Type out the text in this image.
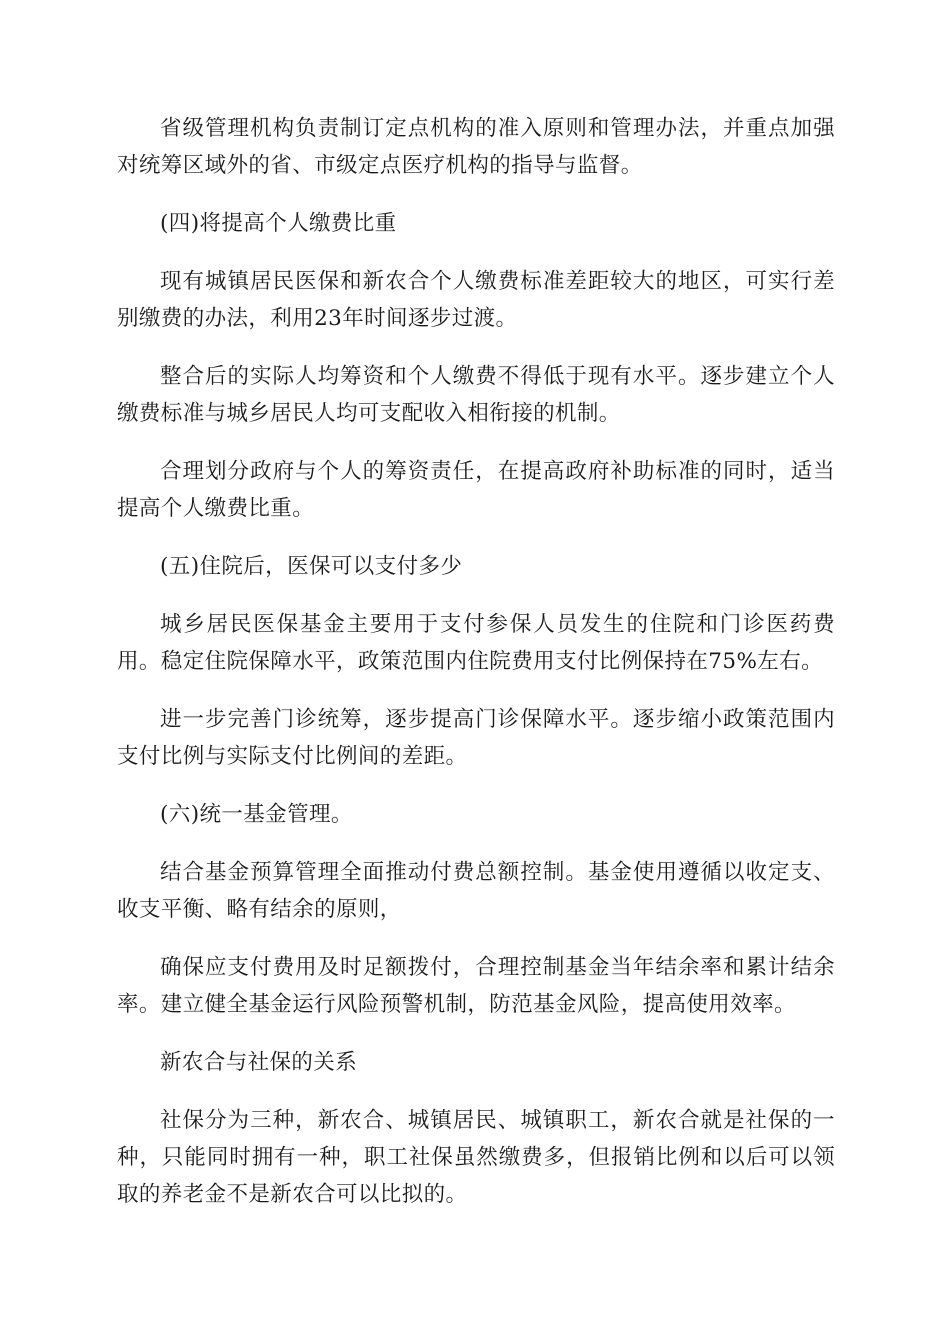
省级管理机构负责制订定点机构的准入原则和管理办法，并重点加强对统筹区域外的省、市级定点医疗机构的指导与监督。

(四)将提高个人缴费比重

现有城镇居民医保和新农合个人缴费标准差距较大的地区，可实行差别缴费的办法，利用23年时间逐步过渡。

整合后的实际人均筹资和个人缴费不得低于现有水平。逐步建立个人缴费标准与城乡居民人均可支配收入相衔接的机制。

合理划分政府与个人的筹资责任，在提高政府补助标准的同时，适当提高个人缴费比重。

(五)住院后，医保可以支付多少

城乡居民医保基金主要用于支付参保人员发生的住院和门诊医药费用。稳定住院保障水平，政策范围内住院费用支付比例保持在75%左右。

进一步完善门诊统筹，逐步提高门诊保障水平。逐步缩小政策范围内支付比例与实际支付比例间的差距。

(六)统一基金管理。

结合基金预算管理全面推动付费总额控制。基金使用遵循以收定支、收支平衡、略有结余的原则，

确保应支付费用及时足额拨付，合理控制基金当年结余率和累计结余率。建立健全基金运行风险预警机制，防范基金风险，提高使用效率。

新农合与社保的关系

社保分为三种，新农合、城镇居民、城镇职工，新农合就是社保的一种，只能同时拥有一种，职工社保虽然缴费多，但报销比例和以后可以领取的养老金不是新农合可以比拟的。
